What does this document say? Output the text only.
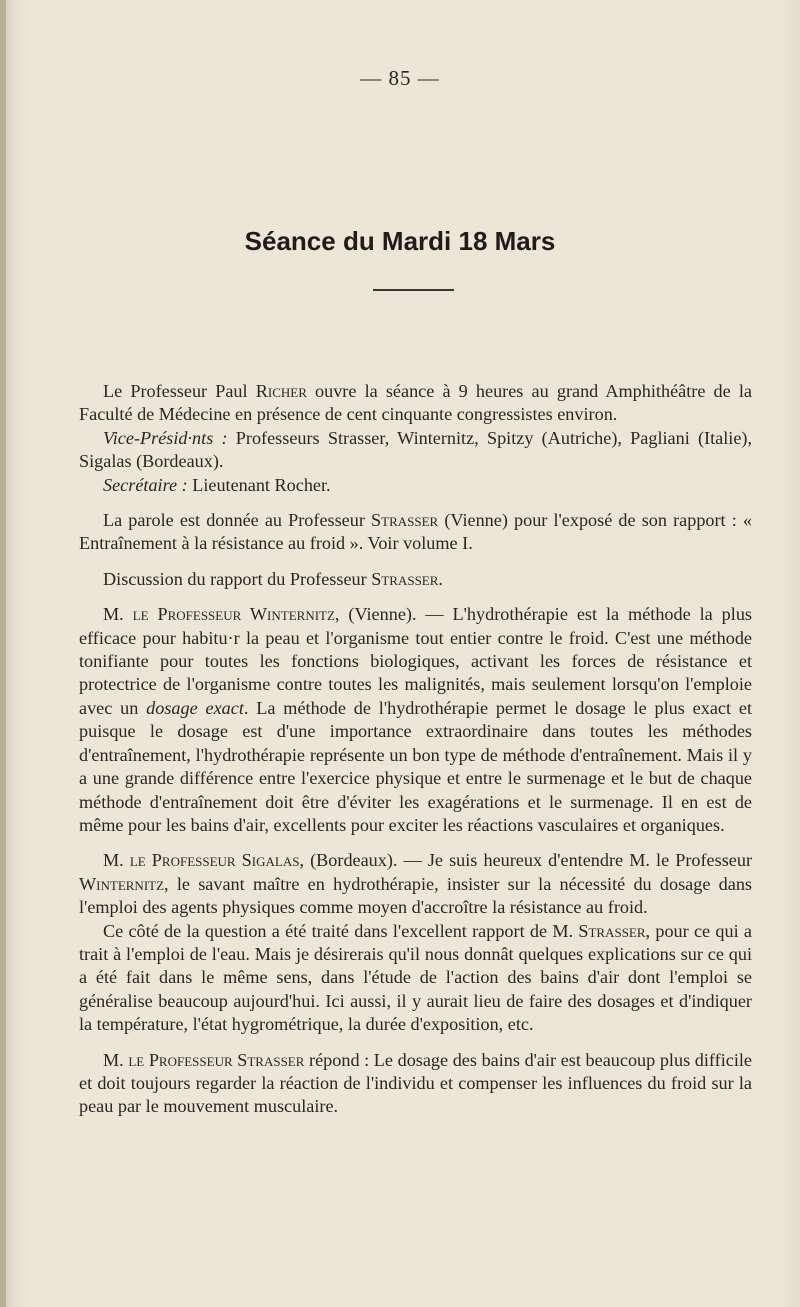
— 85 —
Séance du Mardi 18 Mars

Le Professeur Paul Richer ouvre la séance à 9 heures au grand Amphithéâtre de la Faculté de Médecine en présence de cent cinquante congressistes environ.

Vice-Présid·nts : Professeurs Strasser, Winternitz, Spitzy (Autriche), Pagliani (Italie), Sigalas (Bordeaux).

Secrétaire : Lieutenant Rocher.

La parole est donnée au Professeur Strasser (Vienne) pour l'exposé de son rapport : « Entraînement à la résistance au froid ». Voir volume I.

Discussion du rapport du Professeur Strasser.

M. le Professeur Winternitz, (Vienne). — L'hydrothérapie est la méthode la plus efficace pour habitu·r la peau et l'organisme tout entier contre le froid. C'est une méthode tonifiante pour toutes les fonctions biologiques, activant les forces de résistance et protectrice de l'organisme contre toutes les malignités, mais seulement lorsqu'on l'emploie avec un dosage exact. La méthode de l'hydrothérapie permet le dosage le plus exact et puisque le dosage est d'une importance extraordinaire dans toutes les méthodes d'entraînement, l'hydrothérapie représente un bon type de méthode d'entraînement. Mais il y a une grande différence entre l'exercice physique et entre le surmenage et le but de chaque méthode d'entraînement doit être d'éviter les exagérations et le surmenage. Il en est de même pour les bains d'air, excellents pour exciter les réactions vasculaires et organiques.

M. le Professeur Sigalas, (Bordeaux). — Je suis heureux d'entendre M. le Professeur Winternitz, le savant maître en hydrothérapie, insister sur la nécessité du dosage dans l'emploi des agents physiques comme moyen d'accroître la résistance au froid.

Ce côté de la question a été traité dans l'excellent rapport de M. Strasser, pour ce qui a trait à l'emploi de l'eau. Mais je désirerais qu'il nous donnât quelques explications sur ce qui a été fait dans le même sens, dans l'étude de l'action des bains d'air dont l'emploi se généralise beaucoup aujourd'hui. Ici aussi, il y aurait lieu de faire des dosages et d'indiquer la température, l'état hygrométrique, la durée d'exposition, etc.

M. le Professeur Strasser répond : Le dosage des bains d'air est beaucoup plus difficile et doit toujours regarder la réaction de l'individu et compenser les influences du froid sur la peau par le mouvement musculaire.
